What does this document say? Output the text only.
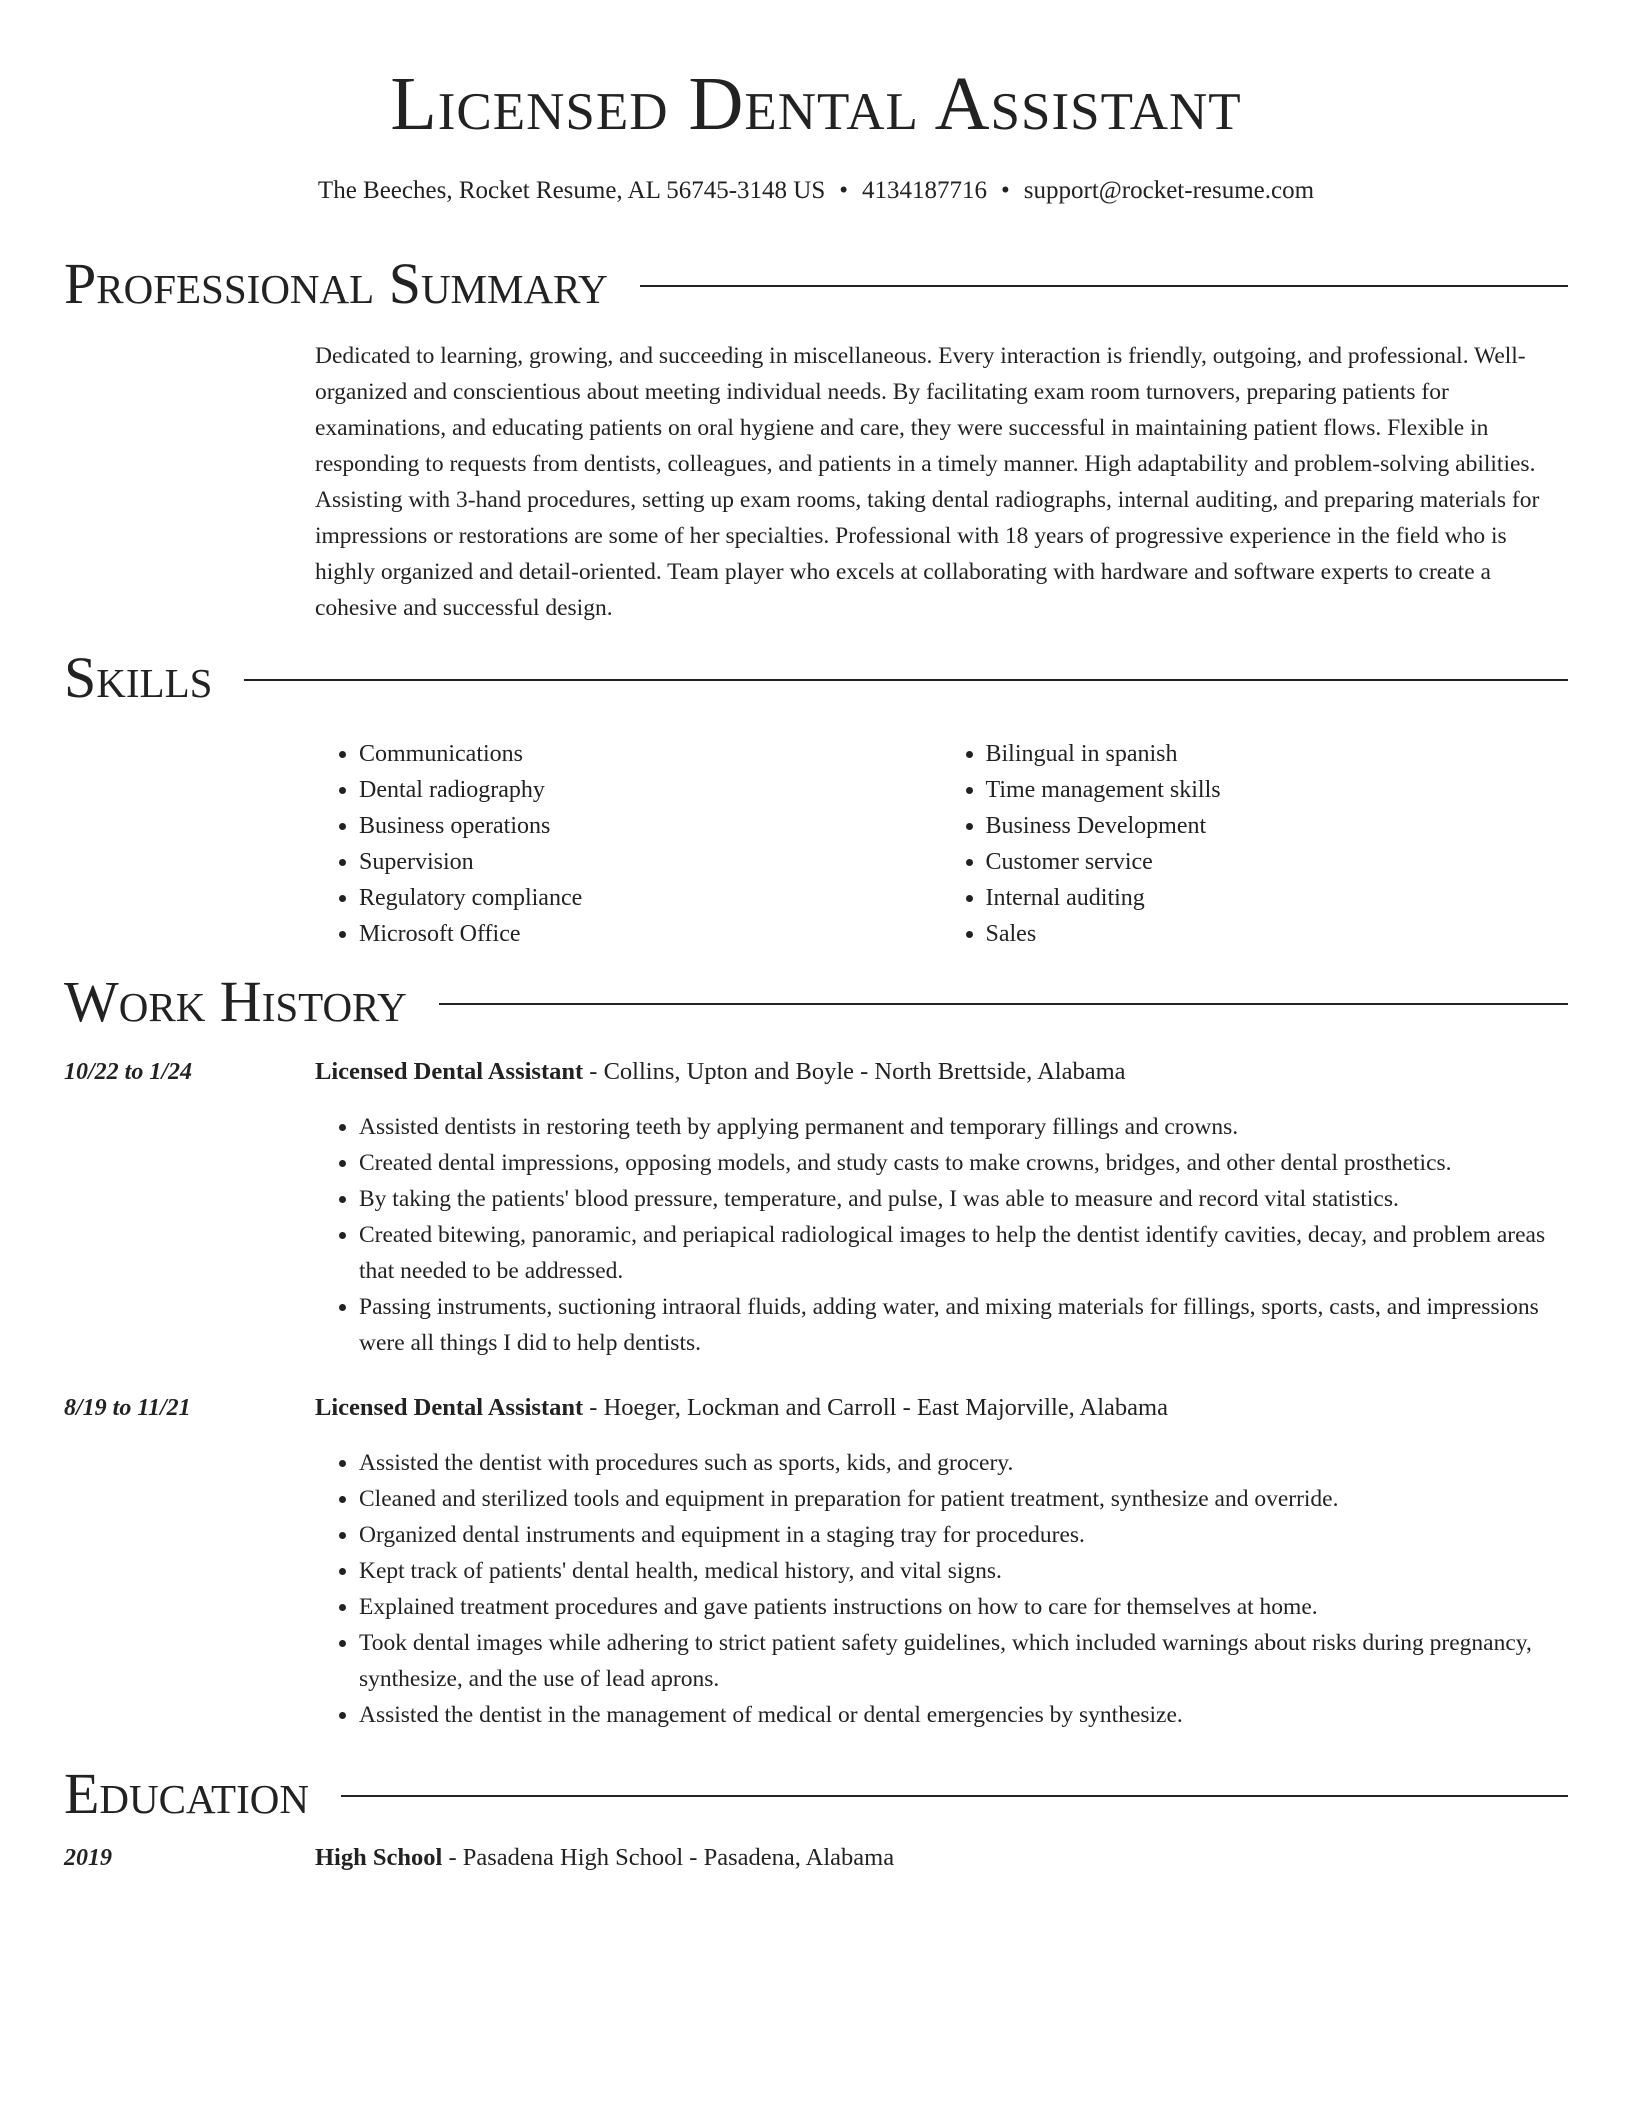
Licensed Dental Assistant
The Beeches, Rocket Resume, AL 56745-3148 US • 4134187716 • support@rocket-resume.com
Professional Summary

Dedicated to learning, growing, and succeeding in miscellaneous. Every interaction is friendly, outgoing, and professional. Well-organized and conscientious about meeting individual needs. By facilitating exam room turnovers, preparing patients for examinations, and educating patients on oral hygiene and care, they were successful in maintaining patient flows. Flexible in responding to requests from dentists, colleagues, and patients in a timely manner. High adaptability and problem-solving abilities. Assisting with 3-hand procedures, setting up exam rooms, taking dental radiographs, internal auditing, and preparing materials for impressions or restorations are some of her specialties. Professional with 18 years of progressive experience in the field who is highly organized and detail-oriented. Team player who excels at collaborating with hardware and software experts to create a cohesive and successful design.

Skills
• Communications
• Dental radiography
• Business operations
• Supervision
• Regulatory compliance
• Microsoft Office
• Bilingual in spanish
• Time management skills
• Business Development
• Customer service
• Internal auditing
• Sales
Work History
10/22 to 1/24	Licensed Dental Assistant - Collins, Upton and Boyle - North Brettside, Alabama
• Assisted dentists in restoring teeth by applying permanent and temporary fillings and crowns.
• Created dental impressions, opposing models, and study casts to make crowns, bridges, and other dental prosthetics.
• By taking the patients' blood pressure, temperature, and pulse, I was able to measure and record vital statistics.
• Created bitewing, panoramic, and periapical radiological images to help the dentist identify cavities, decay, and problem areas that needed to be addressed.
• Passing instruments, suctioning intraoral fluids, adding water, and mixing materials for fillings, sports, casts, and impressions were all things I did to help dentists.
8/19 to 11/21	Licensed Dental Assistant - Hoeger, Lockman and Carroll - East Majorville, Alabama
• Assisted the dentist with procedures such as sports, kids, and grocery.
• Cleaned and sterilized tools and equipment in preparation for patient treatment, synthesize and override.
• Organized dental instruments and equipment in a staging tray for procedures.
• Kept track of patients' dental health, medical history, and vital signs.
• Explained treatment procedures and gave patients instructions on how to care for themselves at home.
• Took dental images while adhering to strict patient safety guidelines, which included warnings about risks during pregnancy, synthesize, and the use of lead aprons.
• Assisted the dentist in the management of medical or dental emergencies by synthesize.
Education
2019	High School - Pasadena High School - Pasadena, Alabama
